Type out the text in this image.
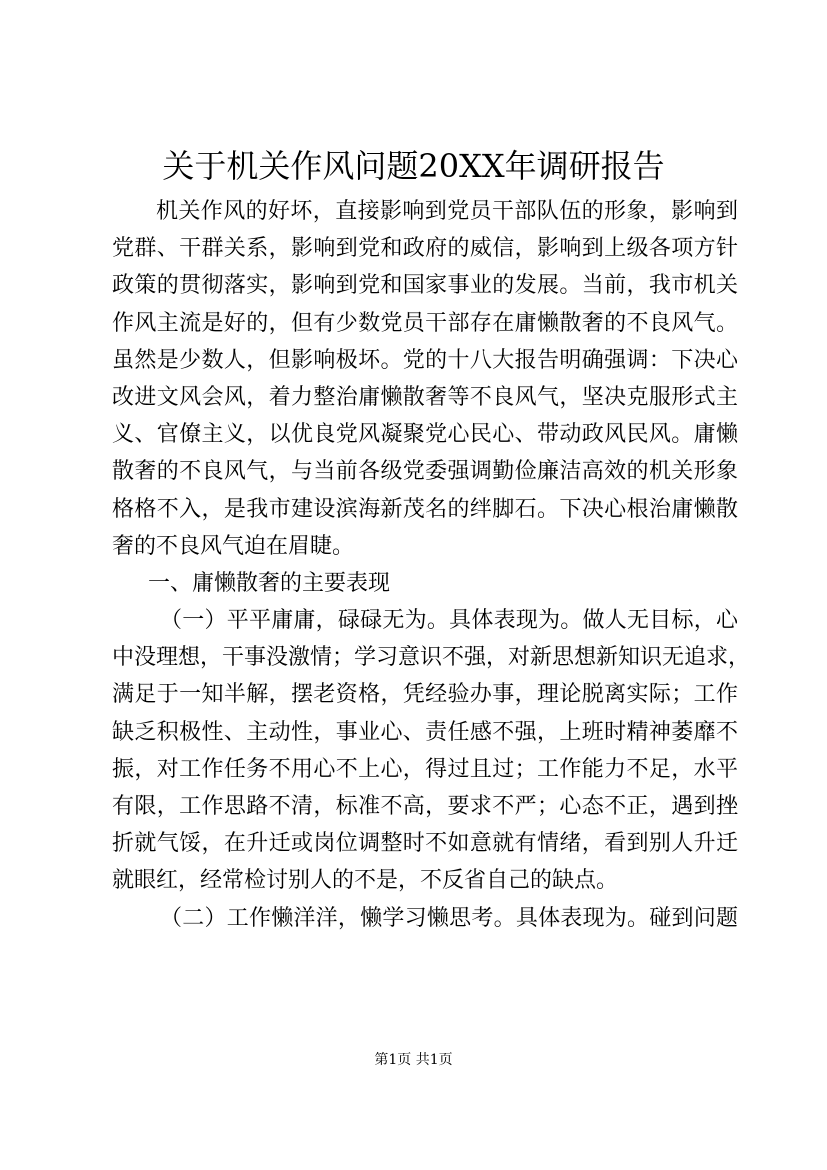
关于机关作风问题20XX年调研报告
机关作风的好坏，直接影响到党员干部队伍的形象，影响到
党群、干群关系，影响到党和政府的威信，影响到上级各项方针
政策的贯彻落实，影响到党和国家事业的发展。当前，我市机关
作风主流是好的，但有少数党员干部存在庸懒散奢的不良风气。
虽然是少数人，但影响极坏。党的十八大报告明确强调：下决心
改进文风会风，着力整治庸懒散奢等不良风气，坚决克服形式主
义、官僚主义，以优良党风凝聚党心民心、带动政风民风。庸懒
散奢的不良风气，与当前各级党委强调勤俭廉洁高效的机关形象
格格不入，是我市建设滨海新茂名的绊脚石。下决心根治庸懒散
奢的不良风气迫在眉睫。
一、庸懒散奢的主要表现
（一）平平庸庸，碌碌无为。具体表现为。做人无目标，心
中没理想，干事没激情；学习意识不强，对新思想新知识无追求，
满足于一知半解，摆老资格，凭经验办事，理论脱离实际；工作
缺乏积极性、主动性，事业心、责任感不强，上班时精神萎靡不
振，对工作任务不用心不上心，得过且过；工作能力不足，水平
有限，工作思路不清，标准不高，要求不严；心态不正，遇到挫
折就气馁，在升迁或岗位调整时不如意就有情绪，看到别人升迁
就眼红，经常检讨别人的不是，不反省自己的缺点。
（二）工作懒洋洋，懒学习懒思考。具体表现为。碰到问题
第1页 共1页
